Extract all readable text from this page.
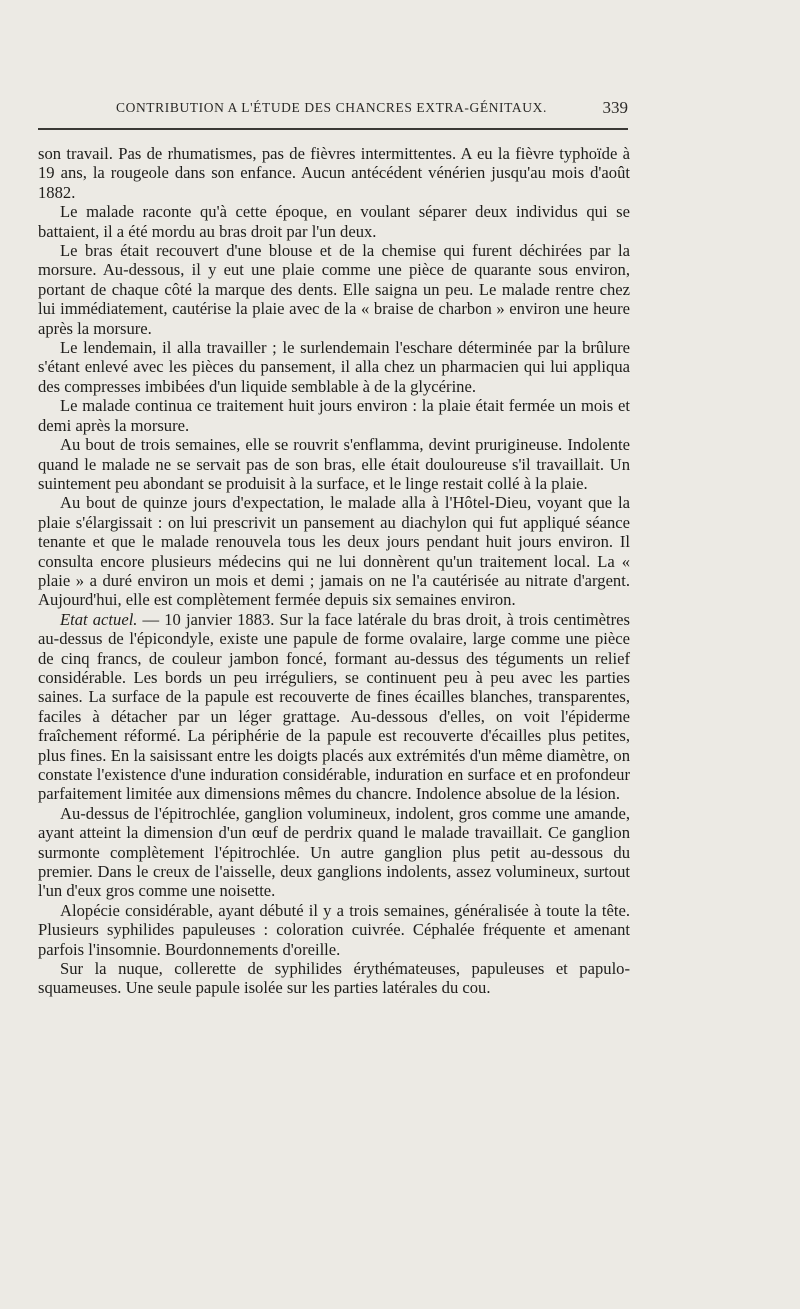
CONTRIBUTION A L'ÉTUDE DES CHANCRES EXTRA-GÉNITAUX.	339

son travail. Pas de rhumatismes, pas de fièvres intermittentes. A eu la fièvre typhoïde à 19 ans, la rougeole dans son enfance. Aucun antécédent vénérien jusqu'au mois d'août 1882.

Le malade raconte qu'à cette époque, en voulant séparer deux individus qui se battaient, il a été mordu au bras droit par l'un deux.

Le bras était recouvert d'une blouse et de la chemise qui furent déchirées par la morsure. Au-dessous, il y eut une plaie comme une pièce de quarante sous environ, portant de chaque côté la marque des dents. Elle saigna un peu. Le malade rentre chez lui immédiatement, cautérise la plaie avec de la « braise de charbon » environ une heure après la morsure.

Le lendemain, il alla travailler ; le surlendemain l'eschare déterminée par la brûlure s'étant enlevé avec les pièces du pansement, il alla chez un pharmacien qui lui appliqua des compresses imbibées d'un liquide semblable à de la glycérine.

Le malade continua ce traitement huit jours environ : la plaie était fermée un mois et demi après la morsure.

Au bout de trois semaines, elle se rouvrit s'enflamma, devint prurigineuse. Indolente quand le malade ne se servait pas de son bras, elle était douloureuse s'il travaillait. Un suintement peu abondant se produisit à la surface, et le linge restait collé à la plaie.

Au bout de quinze jours d'expectation, le malade alla à l'Hôtel-Dieu, voyant que la plaie s'élargissait : on lui prescrivit un pansement au diachylon qui fut appliqué séance tenante et que le malade renouvela tous les deux jours pendant huit jours environ. Il consulta encore plusieurs médecins qui ne lui donnèrent qu'un traitement local. La « plaie » a duré environ un mois et demi ; jamais on ne l'a cautérisée au nitrate d'argent. Aujourd'hui, elle est complètement fermée depuis six semaines environ.

Etat actuel. — 10 janvier 1883. Sur la face latérale du bras droit, à trois centimètres au-dessus de l'épicondyle, existe une papule de forme ovalaire, large comme une pièce de cinq francs, de couleur jambon foncé, formant au-dessus des téguments un relief considérable. Les bords un peu irréguliers, se continuent peu à peu avec les parties saines. La surface de la papule est recouverte de fines écailles blanches, transparentes, faciles à détacher par un léger grattage. Au-dessous d'elles, on voit l'épiderme fraîchement réformé. La périphérie de la papule est recouverte d'écailles plus petites, plus fines. En la saisissant entre les doigts placés aux extrémités d'un même diamètre, on constate l'existence d'une induration considérable, induration en surface et en profondeur parfaitement limitée aux dimensions mêmes du chancre. Indolence absolue de la lésion.

Au-dessus de l'épitrochlée, ganglion volumineux, indolent, gros comme une amande, ayant atteint la dimension d'un œuf de perdrix quand le malade travaillait. Ce ganglion surmonte complètement l'épitrochlée. Un autre ganglion plus petit au-dessous du premier. Dans le creux de l'aisselle, deux ganglions indolents, assez volumineux, surtout l'un d'eux gros comme une noisette.

Alopécie considérable, ayant débuté il y a trois semaines, généralisée à toute la tête. Plusieurs syphilides papuleuses : coloration cuivrée. Céphalée fréquente et amenant parfois l'insomnie. Bourdonnements d'oreille.

Sur la nuque, collerette de syphilides érythémateuses, papuleuses et papulo-squameuses. Une seule papule isolée sur les parties latérales du cou.
